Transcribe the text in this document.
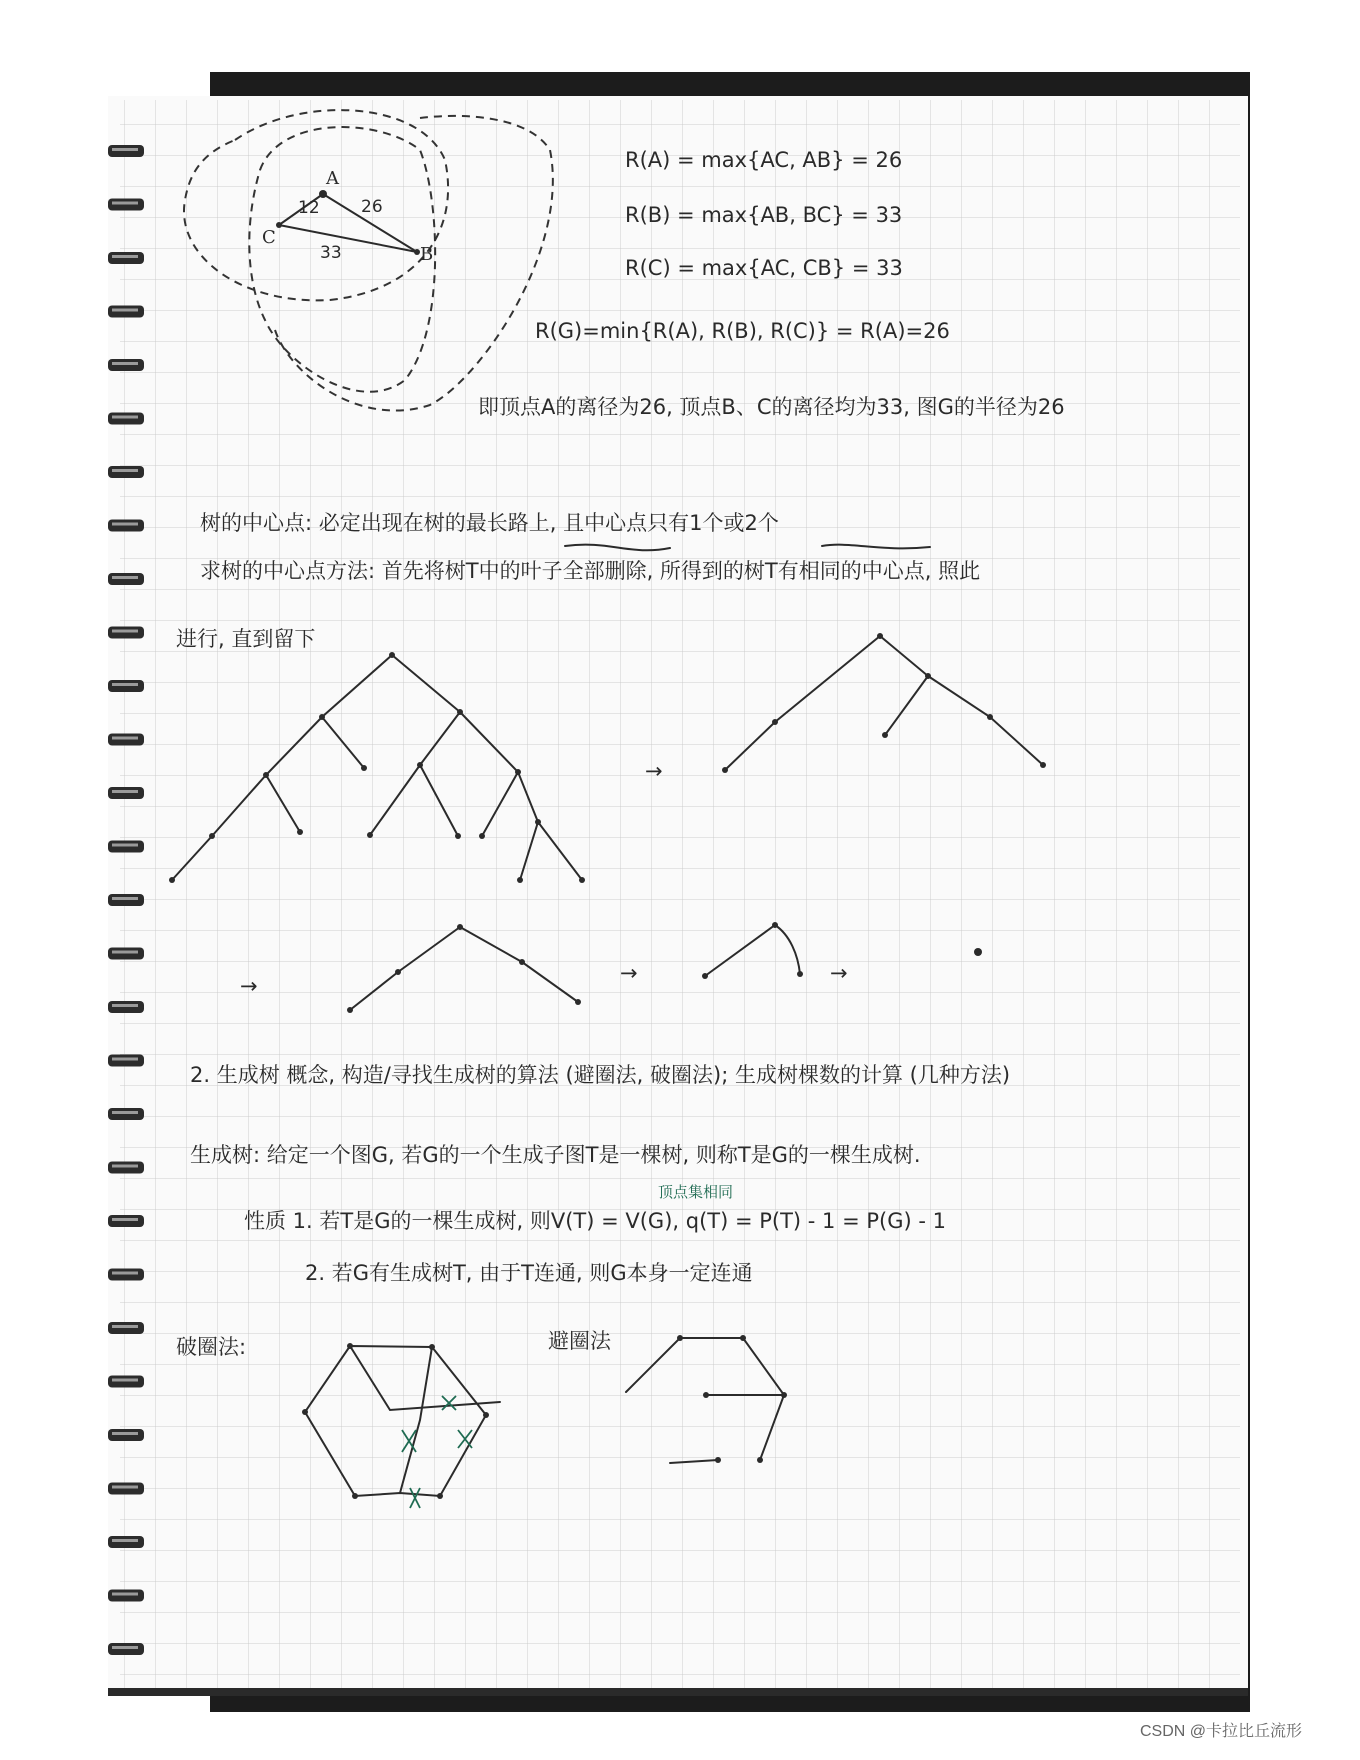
A
C
B
12 26
33
R(A) = max{AC, AB} = 26
R(B) = max{AB, BC} = 33
R(C) = max{AC, CB} = 33
R(G)=min{R(A), R(B), R(C)} = R(A)=26
即顶点A的离径为26, 顶点B、C的离径均为33, 图G的半径为26
树的中心点: 必定出现在树的最长路上, 且中心点只有1个或2个
求树的中心点方法: 首先将树T中的叶子全部删除, 所得到的树T有相同的中心点, 照此
进行, 直到留下
→
→
→	→
2. 生成树 概念, 构造/寻找生成树的算法 (避圈法, 破圈法); 生成树棵数的计算 (几种方法)
生成树: 给定一个图G, 若G的一个生成子图T是一棵树, 则称T是G的一棵生成树.
顶点集相同
性质 1. 若T是G的一棵生成树, 则V(T) = V(G), q(T) = P(T) - 1 = P(G) - 1
2. 若G有生成树T, 由于T连通, 则G本身一定连通
破圈法:	避圈法
CSDN @卡拉比丘流形
